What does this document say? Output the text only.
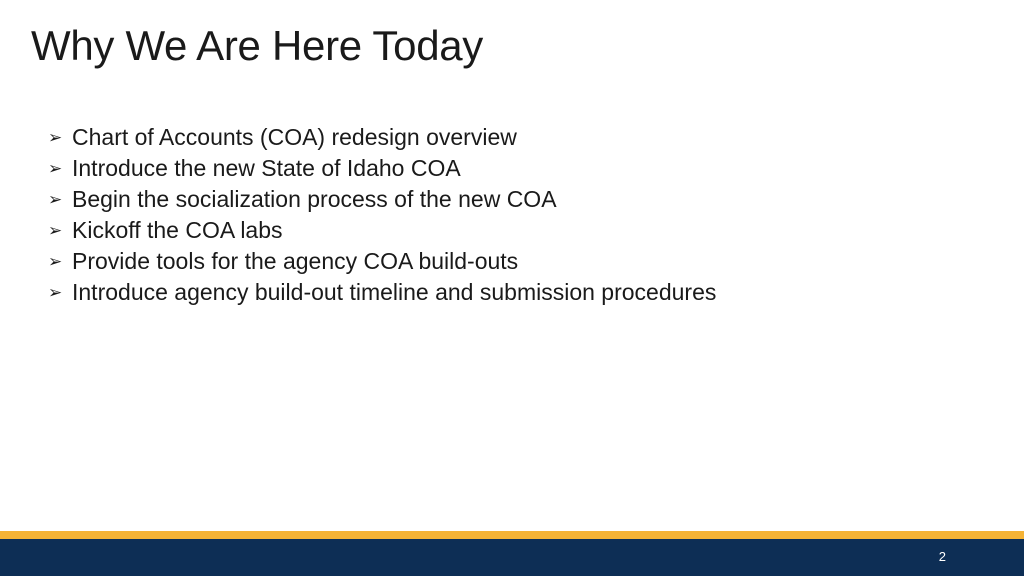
Why We Are Here Today
➢ Chart of Accounts (COA) redesign overview
➢ Introduce the new State of Idaho COA
➢ Begin the socialization process of the new COA
➢ Kickoff the COA labs
➢ Provide tools for the agency COA build-outs
➢ Introduce agency build-out timeline and submission procedures
2
